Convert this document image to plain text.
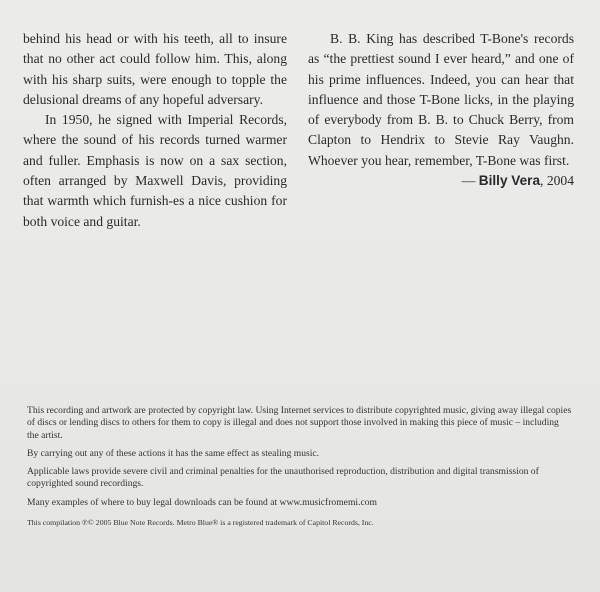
behind his head or with his teeth, all to insure that no other act could follow him. This, along with his sharp suits, were enough to topple the delusional dreams of any hopeful adversary.

In 1950, he signed with Imperial Records, where the sound of his records turned warmer and fuller. Emphasis is now on a sax section, often arranged by Maxwell Davis, providing that warmth which furnish-es a nice cushion for both voice and guitar.

B. B. King has described T-Bone's records as “the prettiest sound I ever heard,” and one of his prime influences. Indeed, you can hear that influence and those T-Bone licks, in the playing of everybody from B. B. to Chuck Berry, from Clapton to Hendrix to Stevie Ray Vaughn. Whoever you hear, remember, T-Bone was first.

— Billy Vera, 2004

This recording and artwork are protected by copyright law. Using Internet services to distribute copyrighted music, giving away illegal copies of discs or lending discs to others for them to copy is illegal and does not support those involved in making this piece of music – including the artist.

By carrying out any of these actions it has the same effect as stealing music.

Applicable laws provide severe civil and criminal penalties for the unauthorised reproduction, distribution and digital transmission of copyrighted sound recordings.

Many examples of where to buy legal downloads can be found at www.musicfromemi.com

This compilation ℗© 2005 Blue Note Records. Metro Blue® is a registered trademark of Capitol Records, Inc.
